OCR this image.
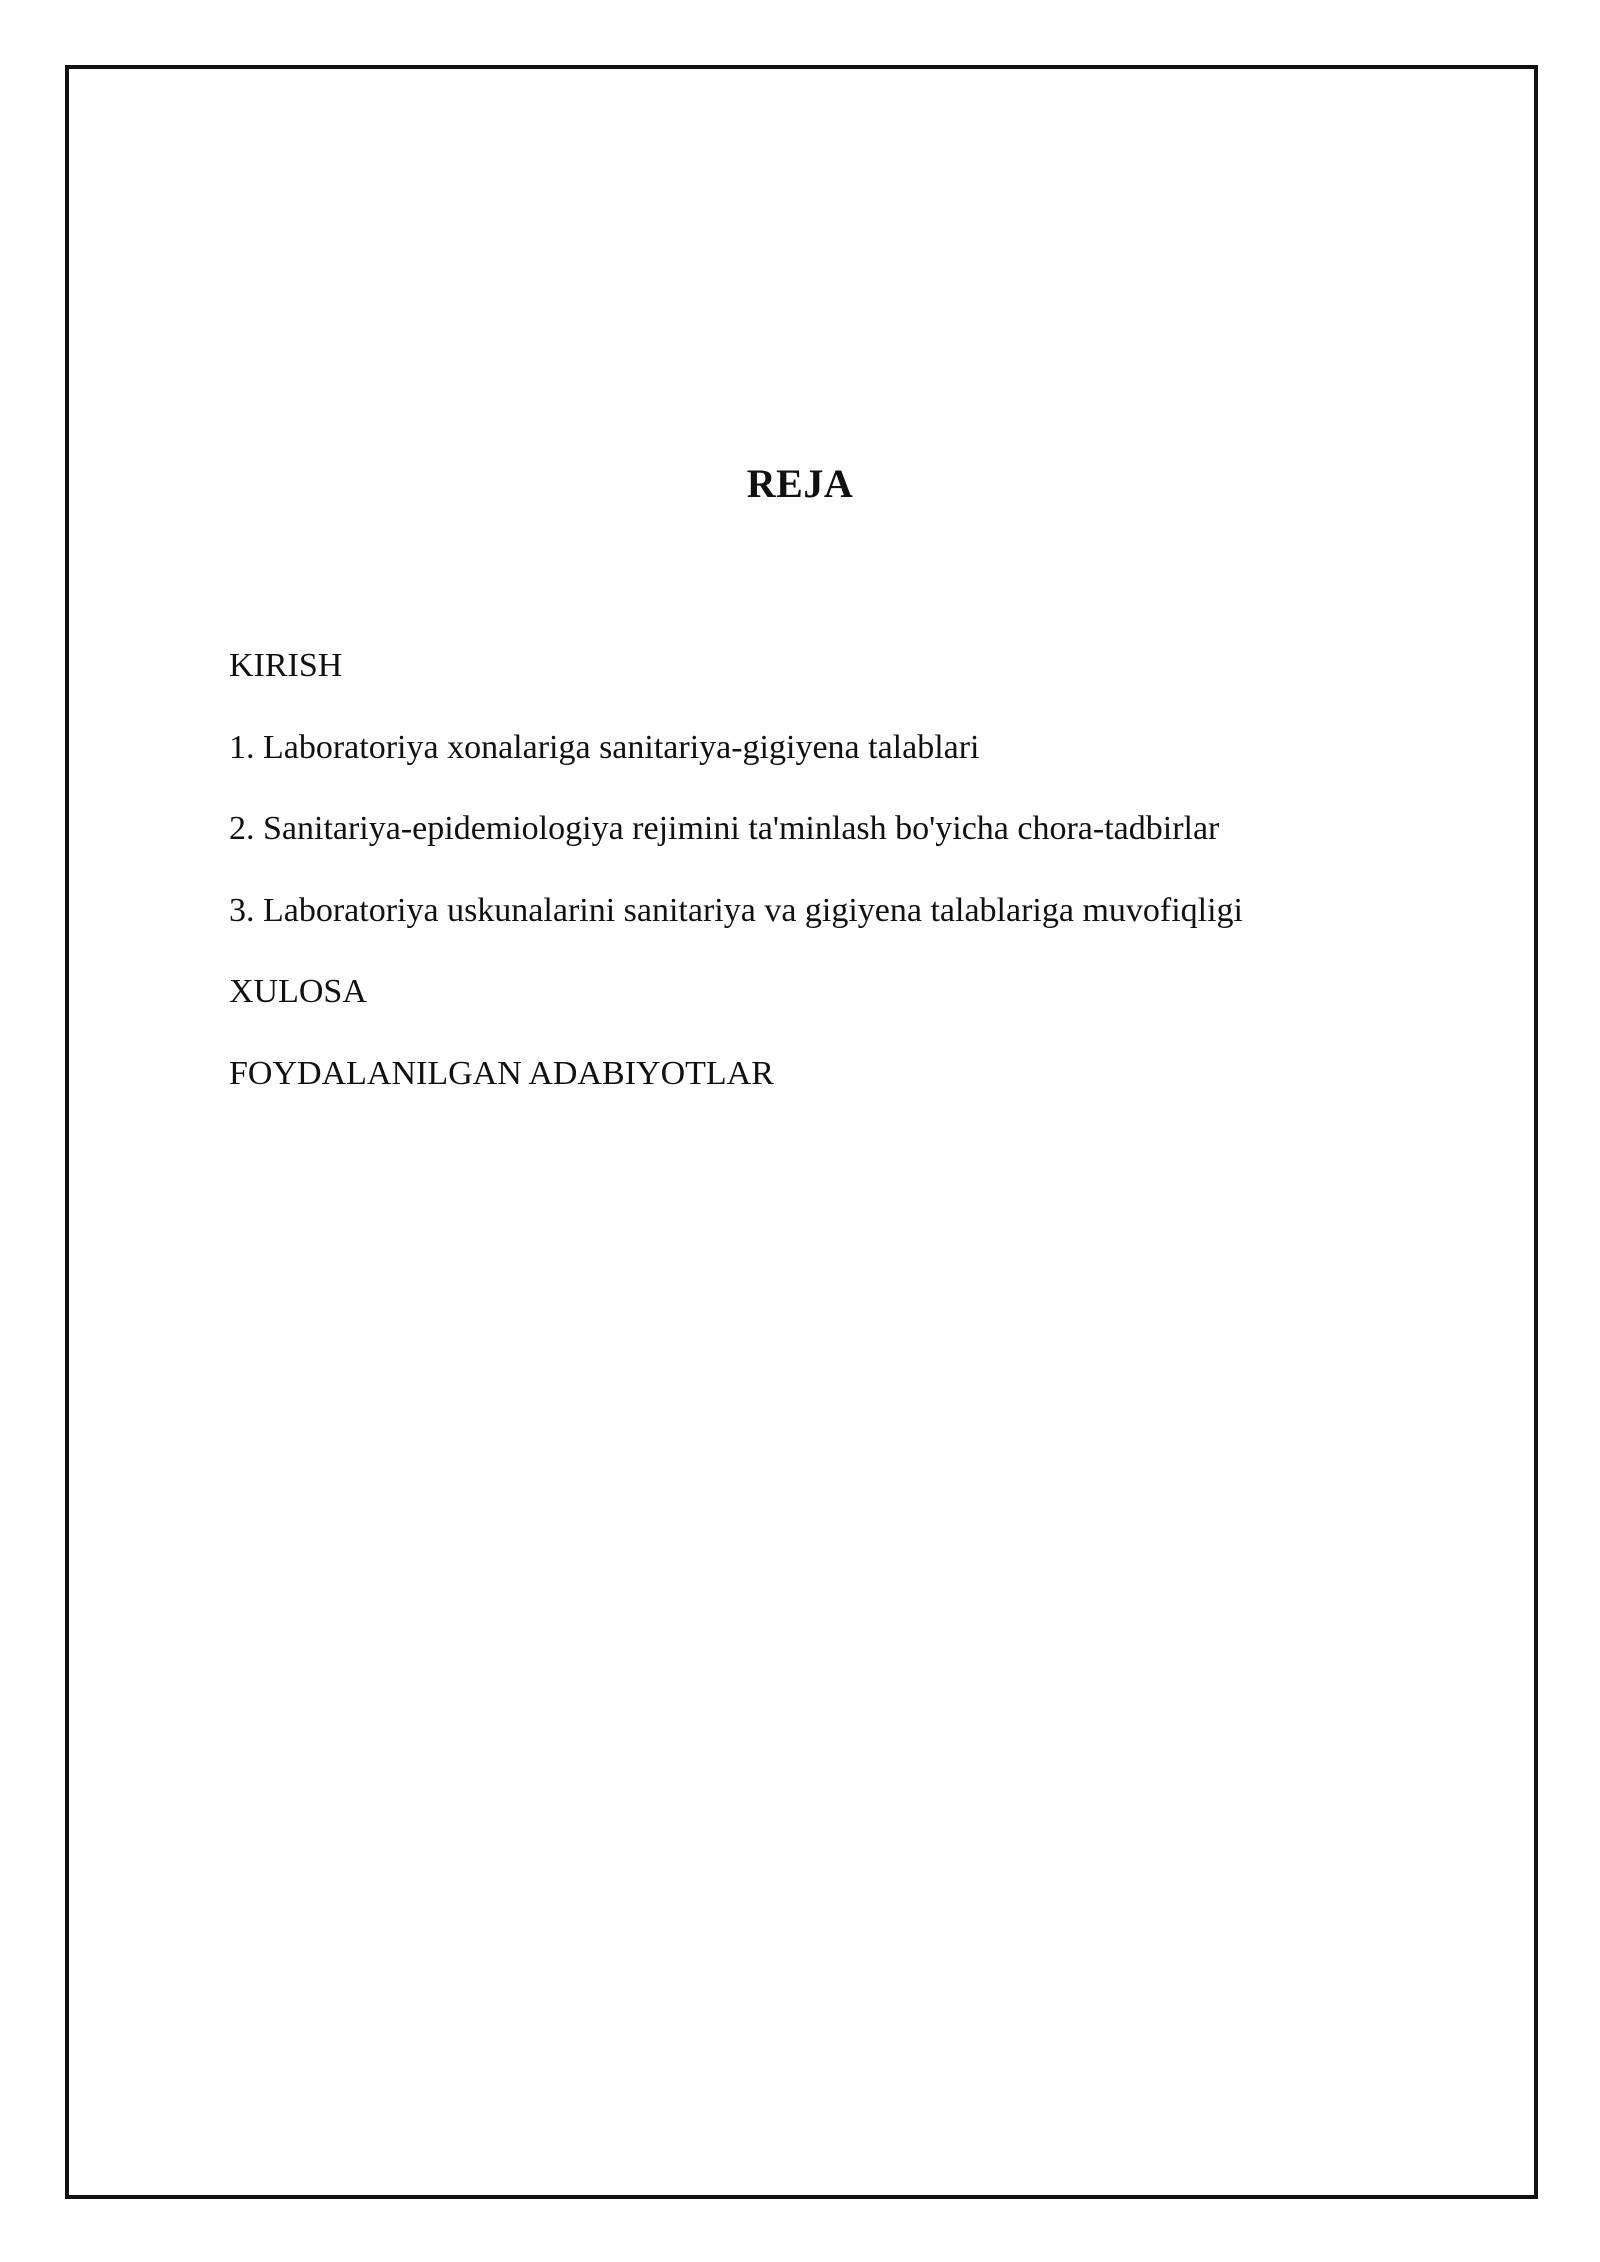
REJA
KIRISH
1. Laboratoriya xonalariga sanitariya-gigiyena talablari
2. Sanitariya-epidemiologiya rejimini ta'minlash bo'yicha chora-tadbirlar
3. Laboratoriya uskunalarini sanitariya va gigiyena talablariga muvofiqligi
XULOSA
FOYDALANILGAN ADABIYOTLAR
